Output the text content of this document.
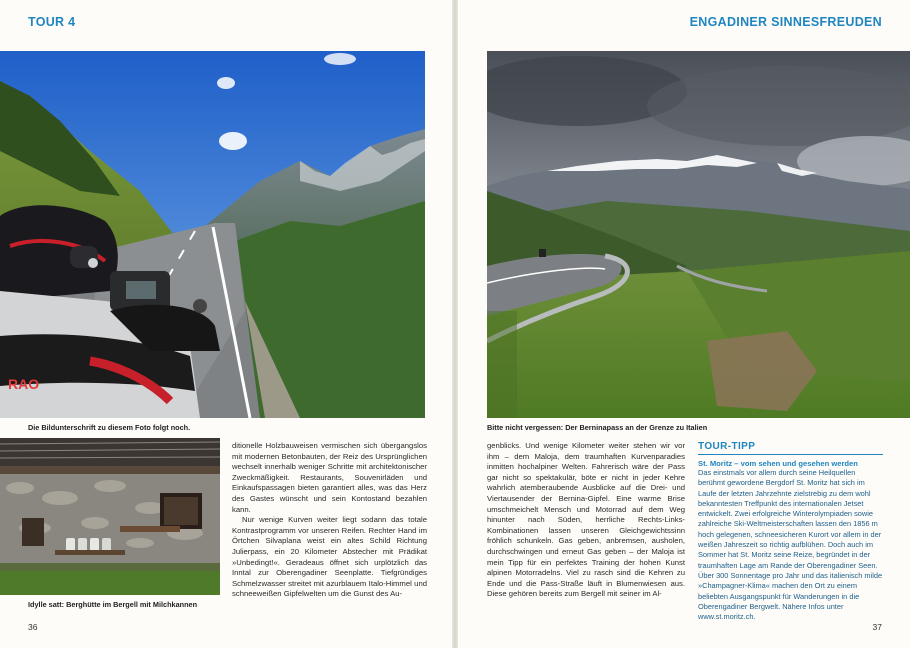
TOUR 4
RAO
Die Bildunterschrift zu diesem Foto folgt noch.
Idylle satt: Berghütte im Bergell mit Milchkannen

ditionelle Holzbauweisen vermischen sich übergangslos mit modernen Betonbauten, der Reiz des Ursprünglichen wechselt innerhalb weniger Schritte mit architektonischer Zweckmäßigkeit. Restaurants, Souvenirläden und Einkaufspassagen bieten garantiert alles, was das Herz des Gastes wünscht und sein Kontostand bezahlen kann.

Nur wenige Kurven weiter liegt sodann das totale Kontrastprogramm vor unseren Reifen. Rechter Hand im Örtchen Silvaplana weist ein altes Schild Richtung Julierpass, ein 20 Kilometer Abstecher mit Prädikat »Unbedingt!«. Geradeaus öffnet sich urplötzlich das Inntal zur Oberengadiner Seenplatte. Tiefgründiges Schmelzwasser streitet mit azurblauem Italo-Himmel und schneeweißen Gipfelwelten um die Gunst des Au-

36
ENGADINER SINNESFREUDEN
Bitte nicht vergessen: Der Berninapass an der Grenze zu Italien

genblicks. Und wenige Kilometer weiter stehen wir vor ihm – dem Maloja, dem traumhaften Kurvenparadies inmitten hochalpiner Welten. Fahrerisch wäre der Pass gar nicht so spektakulär, böte er nicht in jeder Kehre wahrlich atemberaubende Ausblicke auf die Drei- und Viertausender der Bernina-Gipfel. Eine warme Brise umschmeichelt Mensch und Motorrad auf dem Weg hinunter nach Süden, herrliche Rechts-Links-Kombinationen lassen unseren Gleichgewichtssinn fröhlich schunkeln. Gas geben, anbremsen, ausholen, durchschwingen und erneut Gas geben – der Maloja ist mein Tipp für ein perfektes Training der hohen Kunst alpinen Motorradelns. Viel zu rasch sind die Kehren zu Ende und die Pass-Straße läuft in Blumenwiesen aus. Diese gehören bereits zum Bergell mit seiner im Al-

TOUR-TIPP
St. Moritz – vom sehen und gesehen werden
Das einstmals vor allem durch seine Heilquellen berühmt gewordene Bergdorf St. Moritz hat sich im Laufe der letzten Jahrzehnte zielstrebig zu dem wohl bekanntesten Treffpunkt des internationalen Jetset entwickelt. Zwei erfolgreiche Winterolympiaden sowie zahlreiche Ski-Weltmeisterschaften lassen den 1856 m hoch gelegenen, schneesicheren Kurort vor allem in der weißen Jahreszeit so richtig aufblühen. Doch auch im Sommer hat St. Moritz seine Reize, begründet in der traumhaften Lage am Rande der Oberengadiner Seen. Über 300 Sonnentage pro Jahr und das italienisch milde »Champagner-Klima« machen den Ort zu einem beliebten Ausgangspunkt für Wanderungen in die Oberengadiner Bergwelt. Nähere Infos unter www.st.moritz.ch.
37
